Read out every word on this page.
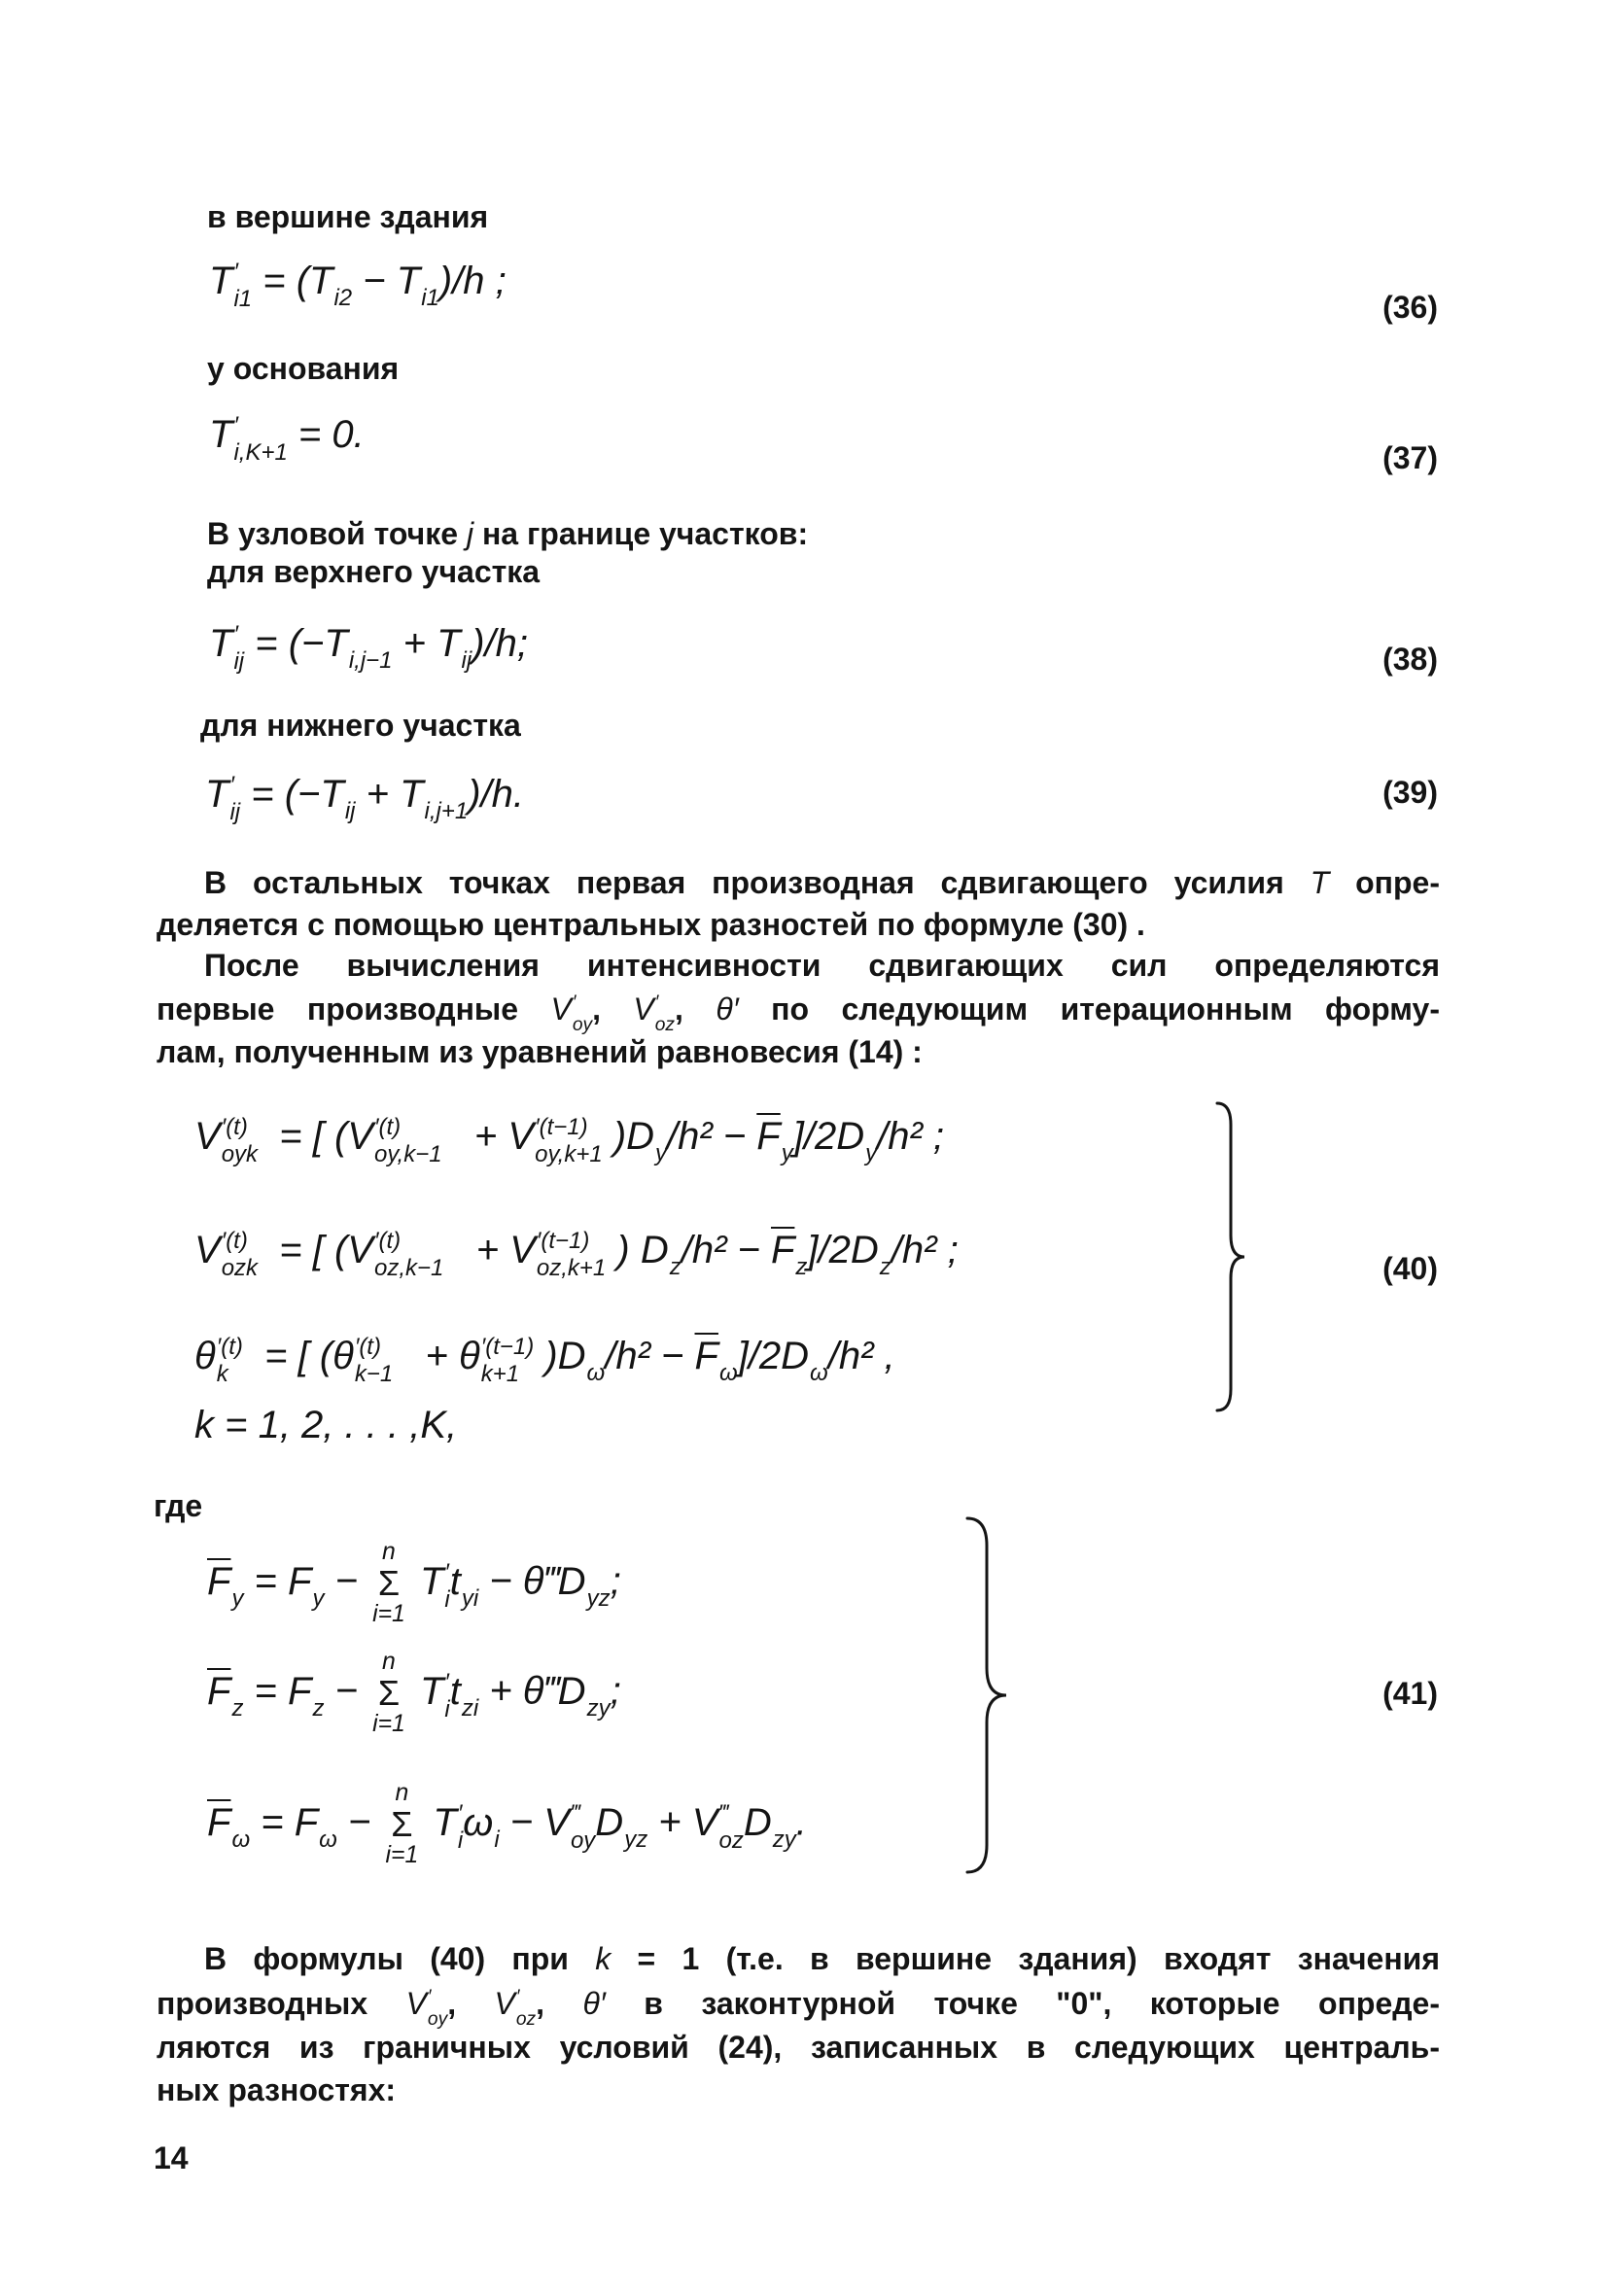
в вершине здания
T ′
i1 = (T i2 − T i1 )/h ;
(36)
у основания
T ′
i,K+1 = 0.
(37)
В узловой точке j на границе участков:
для верхнего участка
T ′
ij = (−T i,j−1 + T ij )/h;	(38)
для нижнего участка
T ′
ij = (−T ij + T i,j+1 )/h.	(39)
В остальных точках первая производная сдвигающего усилия T опре-
деляется с помощью центральных разностей по формуле (30) .
После вычисления интенсивности сдвигающих сил определяются
первые производные V ′
oy , V ′
oz , θ′ по следующим итерационным форму-
лам, полученным из уравнений равновесия (14) :
V ′(t)
oyk = [ (V ′(t)
oy,k−1 + V ′(t−1)
oy,k+1 )D y $/h^2 - \overline{F}$ y ]/2D y /h² ;
V ′(t)
ozk = [ (V ′(t)
oz,k−1 + V ′(t−1)
oz,k+1 ) D z $/h^2 - \overline{F}$ z ]/2D z /h² ;
θ ′(t)
k = [ (θ ′(t)
k−1 + θ ′(t−1)
k+1 )D ω $/h^2 - \overline{F}$ ω ]/2D ω /h² ,
k = 1, 2, . . . ,K,
(40)
где
$\overline{F}$ y = F y −
n
Σ
i=1
T ′
i t yi − θ‴D yz ;
$\overline{F}$ z = F z −
n
Σ
i=1
T ′
i t zi + θ‴D zy ;
$\overline{F}$ ω = F ω −
n
Σ
i=1
T ′
i ω i − V ‴
oy D yz + V ‴
oz D zy .
(41)
В формулы (40) при k = 1 (т.е. в вершине здания) входят значения
производных V ′
oy , V ′
oz , θ′ в законтурной точке "0", которые опреде-
ляются из граничных условий (24), записанных в следующих централь-
ных разностях:
14
